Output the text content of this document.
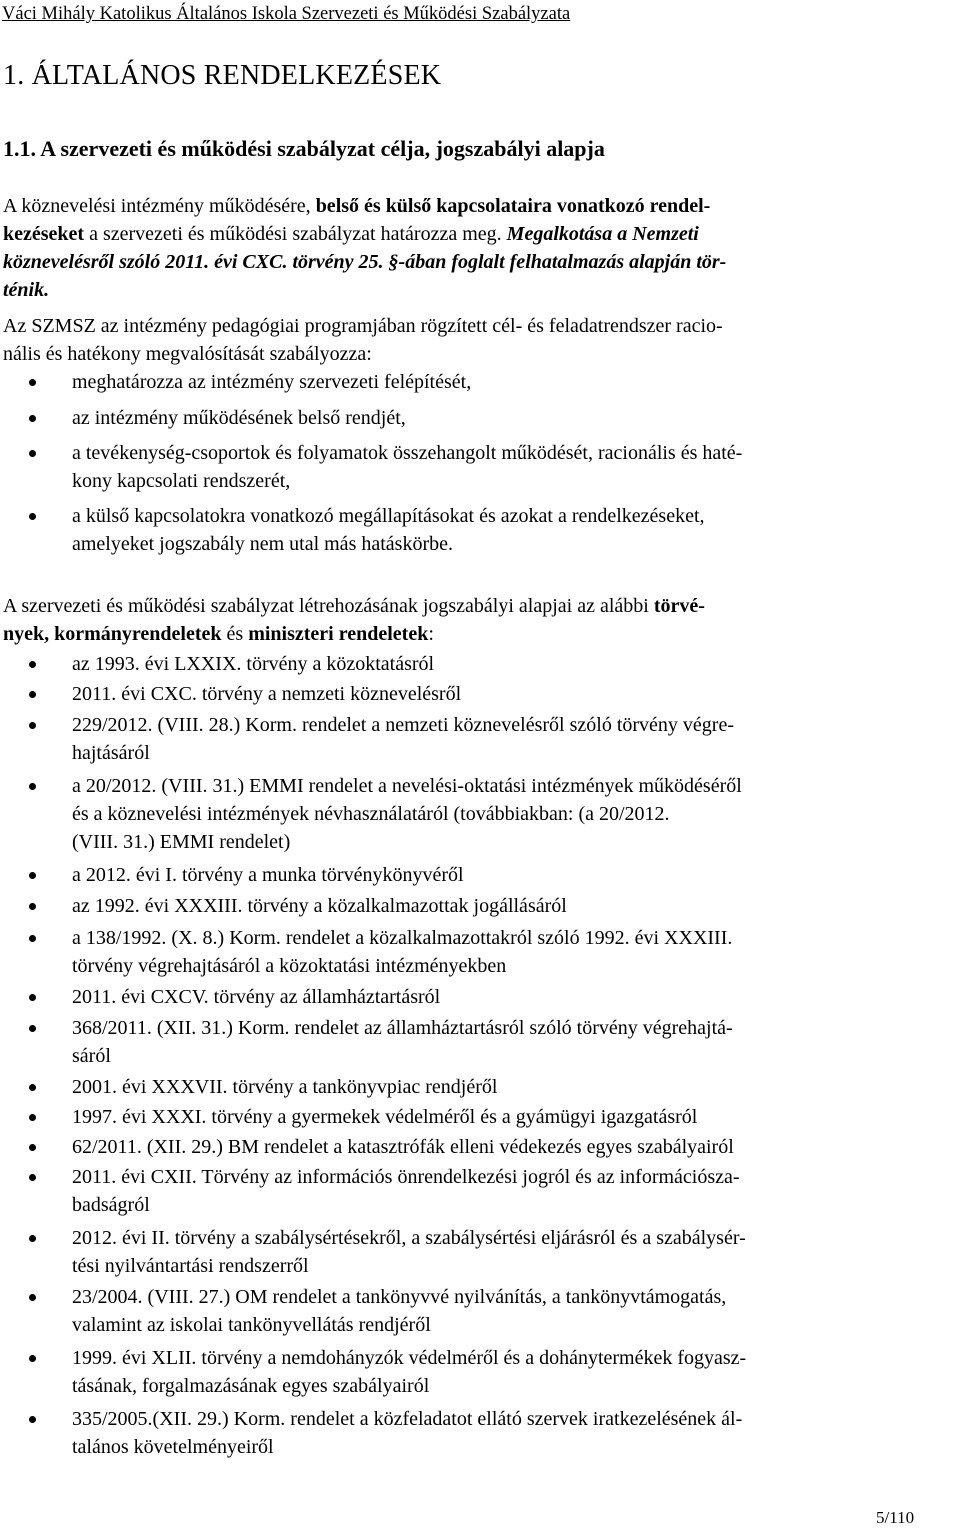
Váci Mihály Katolikus Általános Iskola Szervezeti és Működési Szabályzata
1. ÁLTALÁNOS RENDELKEZÉSEK
1.1. A szervezeti és működési szabályzat célja, jogszabályi alapja
A köznevelési intézmény működésére, belső és külső kapcsolataira vonatkozó rendel-
kezéseket a szervezeti és működési szabályzat határozza meg. Megalkotása a Nemzeti
köznevelésről szóló 2011. évi CXC. törvény 25. §-ában foglalt felhatalmazás alapján tör-
ténik.
Az SZMSZ az intézmény pedagógiai programjában rögzített cél- és feladatrendszer racio-
nális és hatékony megvalósítását szabályozza:
meghatározza az intézmény szervezeti felépítését,
az intézmény működésének belső rendjét,
a tevékenység-csoportok és folyamatok összehangolt működését, racionális és haté-
kony kapcsolati rendszerét,
a külső kapcsolatokra vonatkozó megállapításokat és azokat a rendelkezéseket,
amelyeket jogszabály nem utal más hatáskörbe.
A szervezeti és működési szabályzat létrehozásának jogszabályi alapjai az alábbi törvé-
nyek, kormányrendeletek és miniszteri rendeletek:
az 1993. évi LXXIX. törvény a közoktatásról
2011. évi CXC. törvény a nemzeti köznevelésről
229/2012. (VIII. 28.) Korm. rendelet a nemzeti köznevelésről szóló törvény végre-
hajtásáról
a 20/2012. (VIII. 31.) EMMI rendelet a nevelési-oktatási intézmények működéséről
és a köznevelési intézmények névhasználatáról (továbbiakban: (a 20/2012.
(VIII. 31.) EMMI rendelet)
a 2012. évi I. törvény a munka törvénykönyvéről
az 1992. évi XXXIII. törvény a közalkalmazottak jogállásáról
a 138/1992. (X. 8.) Korm. rendelet a közalkalmazottakról szóló 1992. évi XXXIII.
törvény végrehajtásáról a közoktatási intézményekben
2011. évi CXCV. törvény az államháztartásról
368/2011. (XII. 31.) Korm. rendelet az államháztartásról szóló törvény végrehajtá-
sáról
2001. évi XXXVII. törvény a tankönyvpiac rendjéről
1997. évi XXXI. törvény a gyermekek védelméről és a gyámügyi igazgatásról
62/2011. (XII. 29.) BM rendelet a katasztrófák elleni védekezés egyes szabályairól
2011. évi CXII. Törvény az információs önrendelkezési jogról és az információsza-
badságról
2012. évi II. törvény a szabálysértésekről, a szabálysértési eljárásról és a szabálysér-
tési nyilvántartási rendszerről
23/2004. (VIII. 27.) OM rendelet a tankönyvvé nyilvánítás, a tankönyvtámogatás,
valamint az iskolai tankönyvellátás rendjéről
1999. évi XLII. törvény a nemdohányzók védelméről és a dohánytermékek fogyasz-
tásának, forgalmazásának egyes szabályairól
335/2005.(XII. 29.) Korm. rendelet a közfeladatot ellátó szervek iratkezelésének ál-
talános követelményeiről
5/110
